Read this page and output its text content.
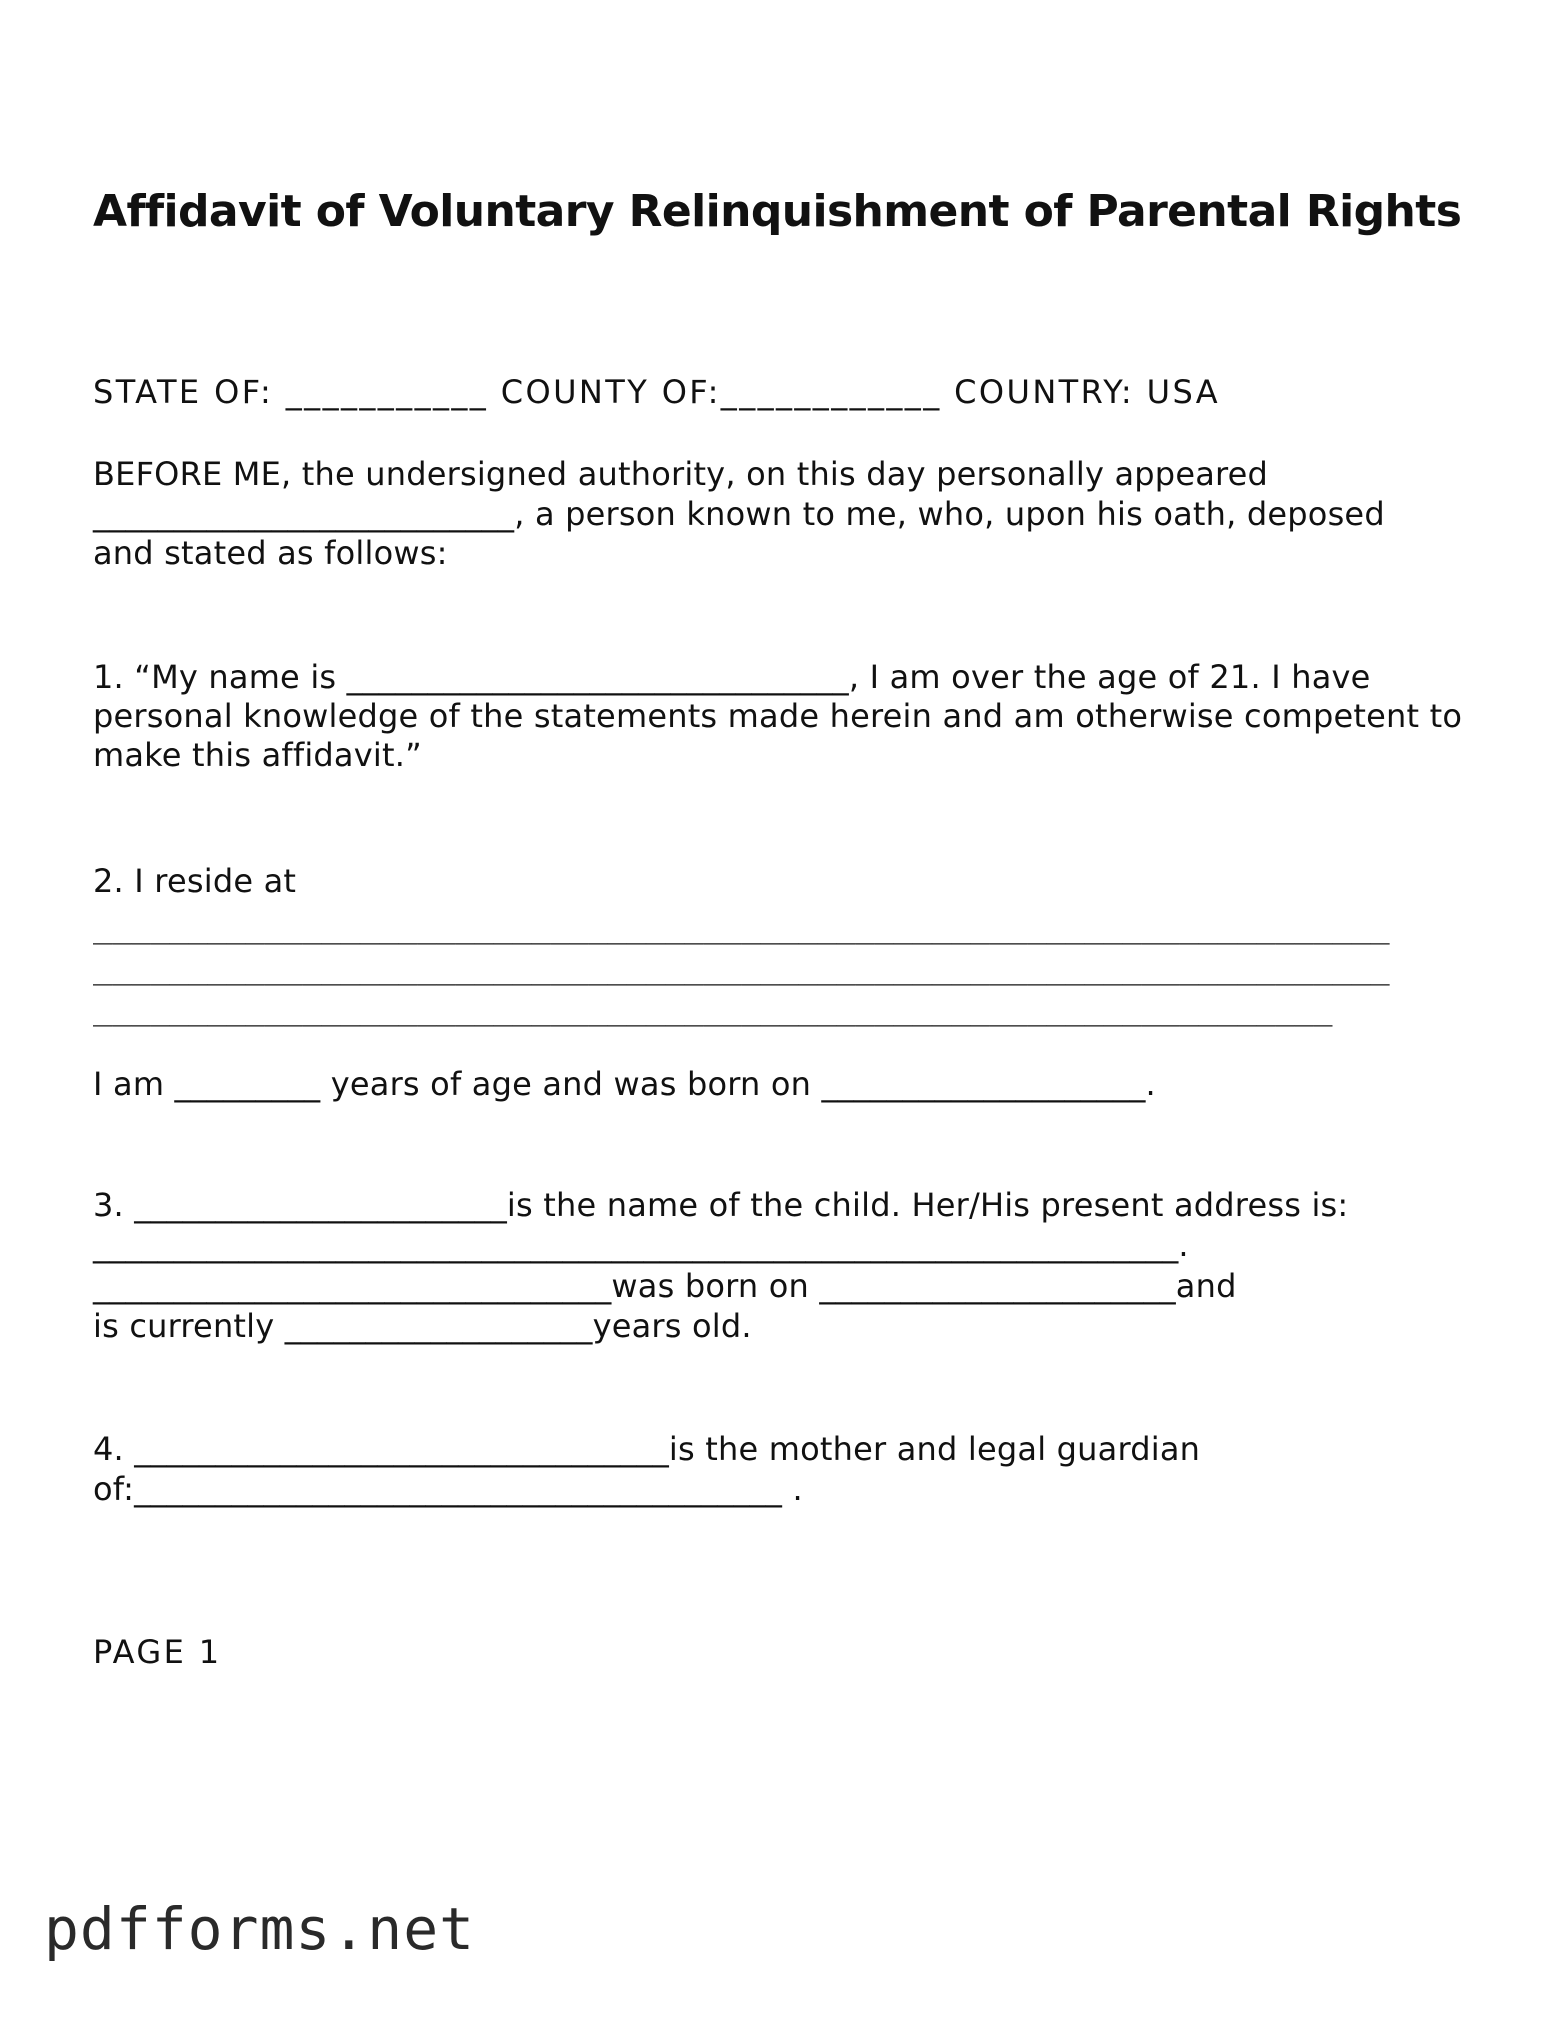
Affidavit of Voluntary Relinquishment of Parental Rights

STATE OF: ___________ COUNTY OF:____________ COUNTRY: USA

BEFORE ME, the undersigned authority, on this day personally appeared

__________________________, a person known to me, who, upon his oath, deposed

and stated as follows:

1. “My name is _______________________________, I am over the age of 21. I have

personal knowledge of the statements made herein and am otherwise competent to

make this affidavit.”

2. I reside at

____________________________________________________________________

____________________________________________________________________

_________________________________________________________________

I am _________ years of age and was born on ____________________.

3. _______________________is the name of the child. Her/His present address is:

___________________________________________________________________.

________________________________was born on ______________________and

is currently ___________________years old.

4. _________________________________is the mother and legal guardian

of:________________________________________ .

PAGE 1

pdfforms.net
